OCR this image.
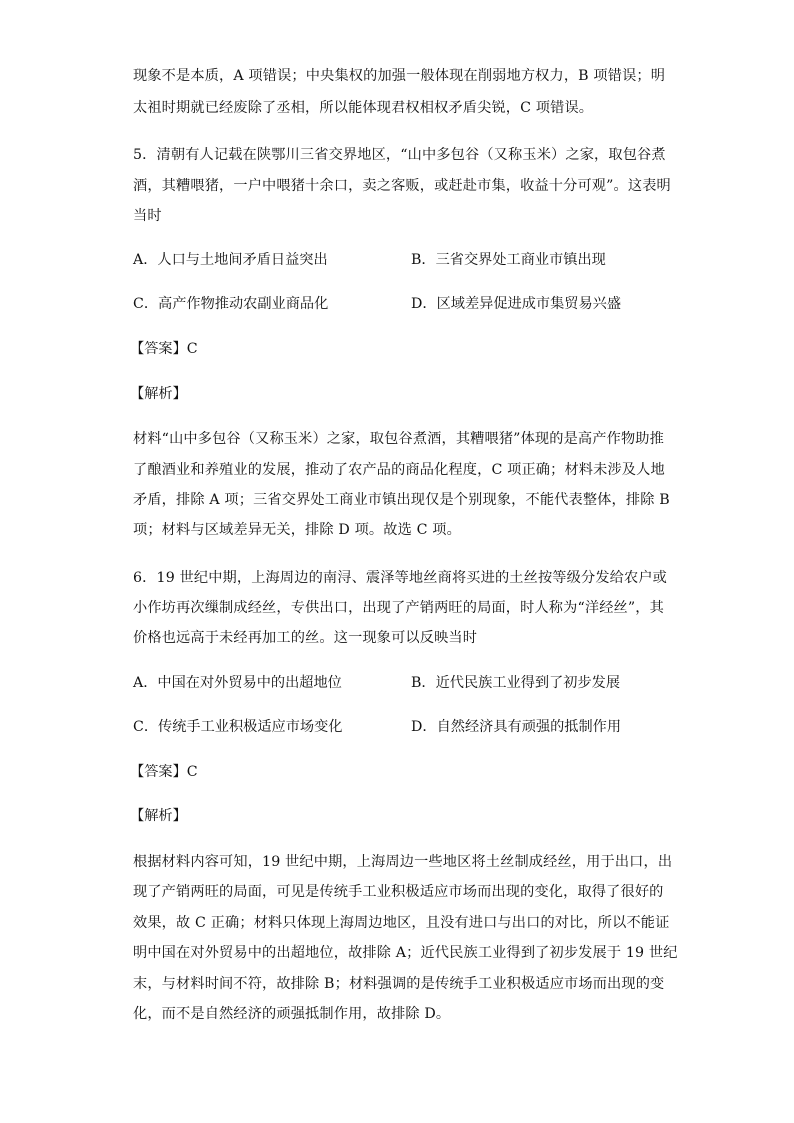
现象不是本质，A 项错误；中央集权的加强一般体现在削弱地方权力，B 项错误；明
太祖时期就已经废除了丞相，所以能体现君权相权矛盾尖锐，C 项错误。
5．清朝有人记载在陕鄂川三省交界地区，“山中多包谷（又称玉米）之家，取包谷煮
酒，其糟喂猪，一户中喂猪十余口，卖之客贩，或赶赴市集，收益十分可观”。这表明
当时
A．人口与土地间矛盾日益突出	B．三省交界处工商业市镇出现
C．高产作物推动农副业商品化	D．区域差异促进成市集贸易兴盛
【答案】C
【解析】
材料“山中多包谷（又称玉米）之家，取包谷煮酒，其糟喂猪”体现的是高产作物助推
了酿酒业和养殖业的发展，推动了农产品的商品化程度，C 项正确；材料未涉及人地
矛盾，排除 A 项；三省交界处工商业市镇出现仅是个别现象，不能代表整体，排除 B
项；材料与区域差异无关，排除 D 项。故选 C 项。
6．19 世纪中期，上海周边的南浔、震泽等地丝商将买进的土丝按等级分发给农户或
小作坊再次缫制成经丝，专供出口，出现了产销两旺的局面，时人称为“洋经丝”，其
价格也远高于未经再加工的丝。这一现象可以反映当时
A．中国在对外贸易中的出超地位	B．近代民族工业得到了初步发展
C．传统手工业积极适应市场变化	D．自然经济具有顽强的抵制作用
【答案】C
【解析】
根据材料内容可知，19 世纪中期，上海周边一些地区将土丝制成经丝，用于出口，出
现了产销两旺的局面，可见是传统手工业积极适应市场而出现的变化，取得了很好的
效果，故 C 正确；材料只体现上海周边地区，且没有进口与出口的对比，所以不能证
明中国在对外贸易中的出超地位，故排除 A；近代民族工业得到了初步发展于 19 世纪
末，与材料时间不符，故排除 B；材料强调的是传统手工业积极适应市场而出现的变
化，而不是自然经济的顽强抵制作用，故排除 D。
